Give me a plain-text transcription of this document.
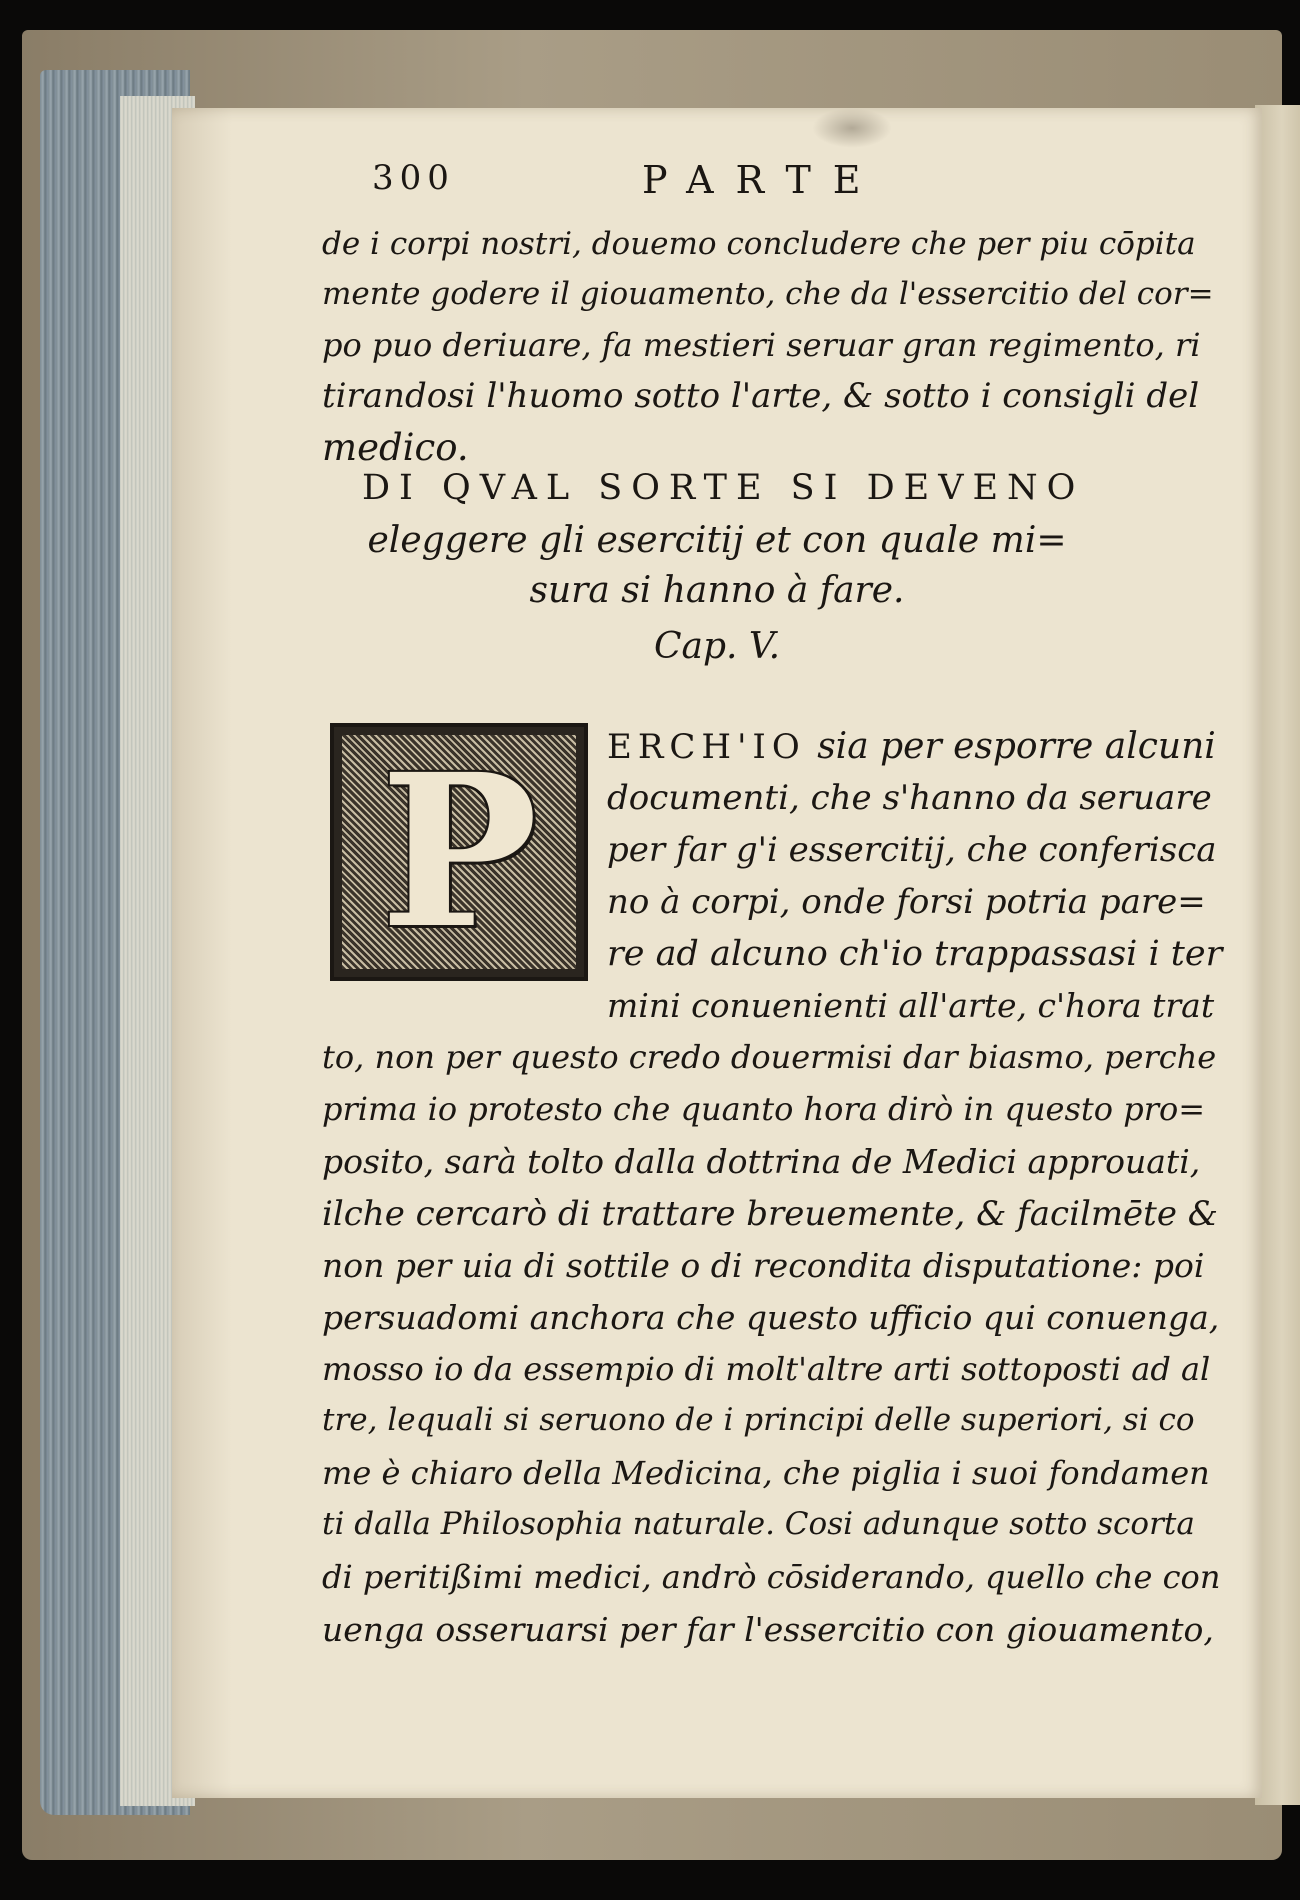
300	PARTE
de i corpi nostri, douemo concludere che per piu cōpita
mente godere il giouamento, che da l'essercitio del cor=
po puo deriuare, fa mestieri seruar gran regimento, ri
tirandosi l'huomo sotto l'arte, & sotto i consigli del
medico.
DI QVAL SORTE SI DEVENO
eleggere gli esercitij et con quale mi=
sura si hanno à fare.
Cap. V.
P ERCH'IO sia per esporre alcuni
documenti, che s'hanno da seruare
per far g'i essercitij, che conferisca
no à corpi, onde forsi potria pare=
re ad alcuno ch'io trappassasi i ter
mini conuenienti all'arte, c'hora trat
to, non per questo credo douermisi dar biasmo, perche
prima io protesto che quanto hora dirò in questo pro=
posito, sarà tolto dalla dottrina de Medici approuati,
ilche cercarò di trattare breuemente, & facilmēte &
non per uia di sottile o di recondita disputatione: poi
persuadomi anchora che questo ufficio qui conuenga,
mosso io da essempio di molt'altre arti sottoposti ad al
tre, lequali si seruono de i principi delle superiori, si co
me è chiaro della Medicina, che piglia i suoi fondamen
ti dalla Philosophia naturale. Cosi adunque sotto scorta
di peritißimi medici, andrò cōsiderando, quello che con
uenga osseruarsi per far l'essercitio con giouamento,
